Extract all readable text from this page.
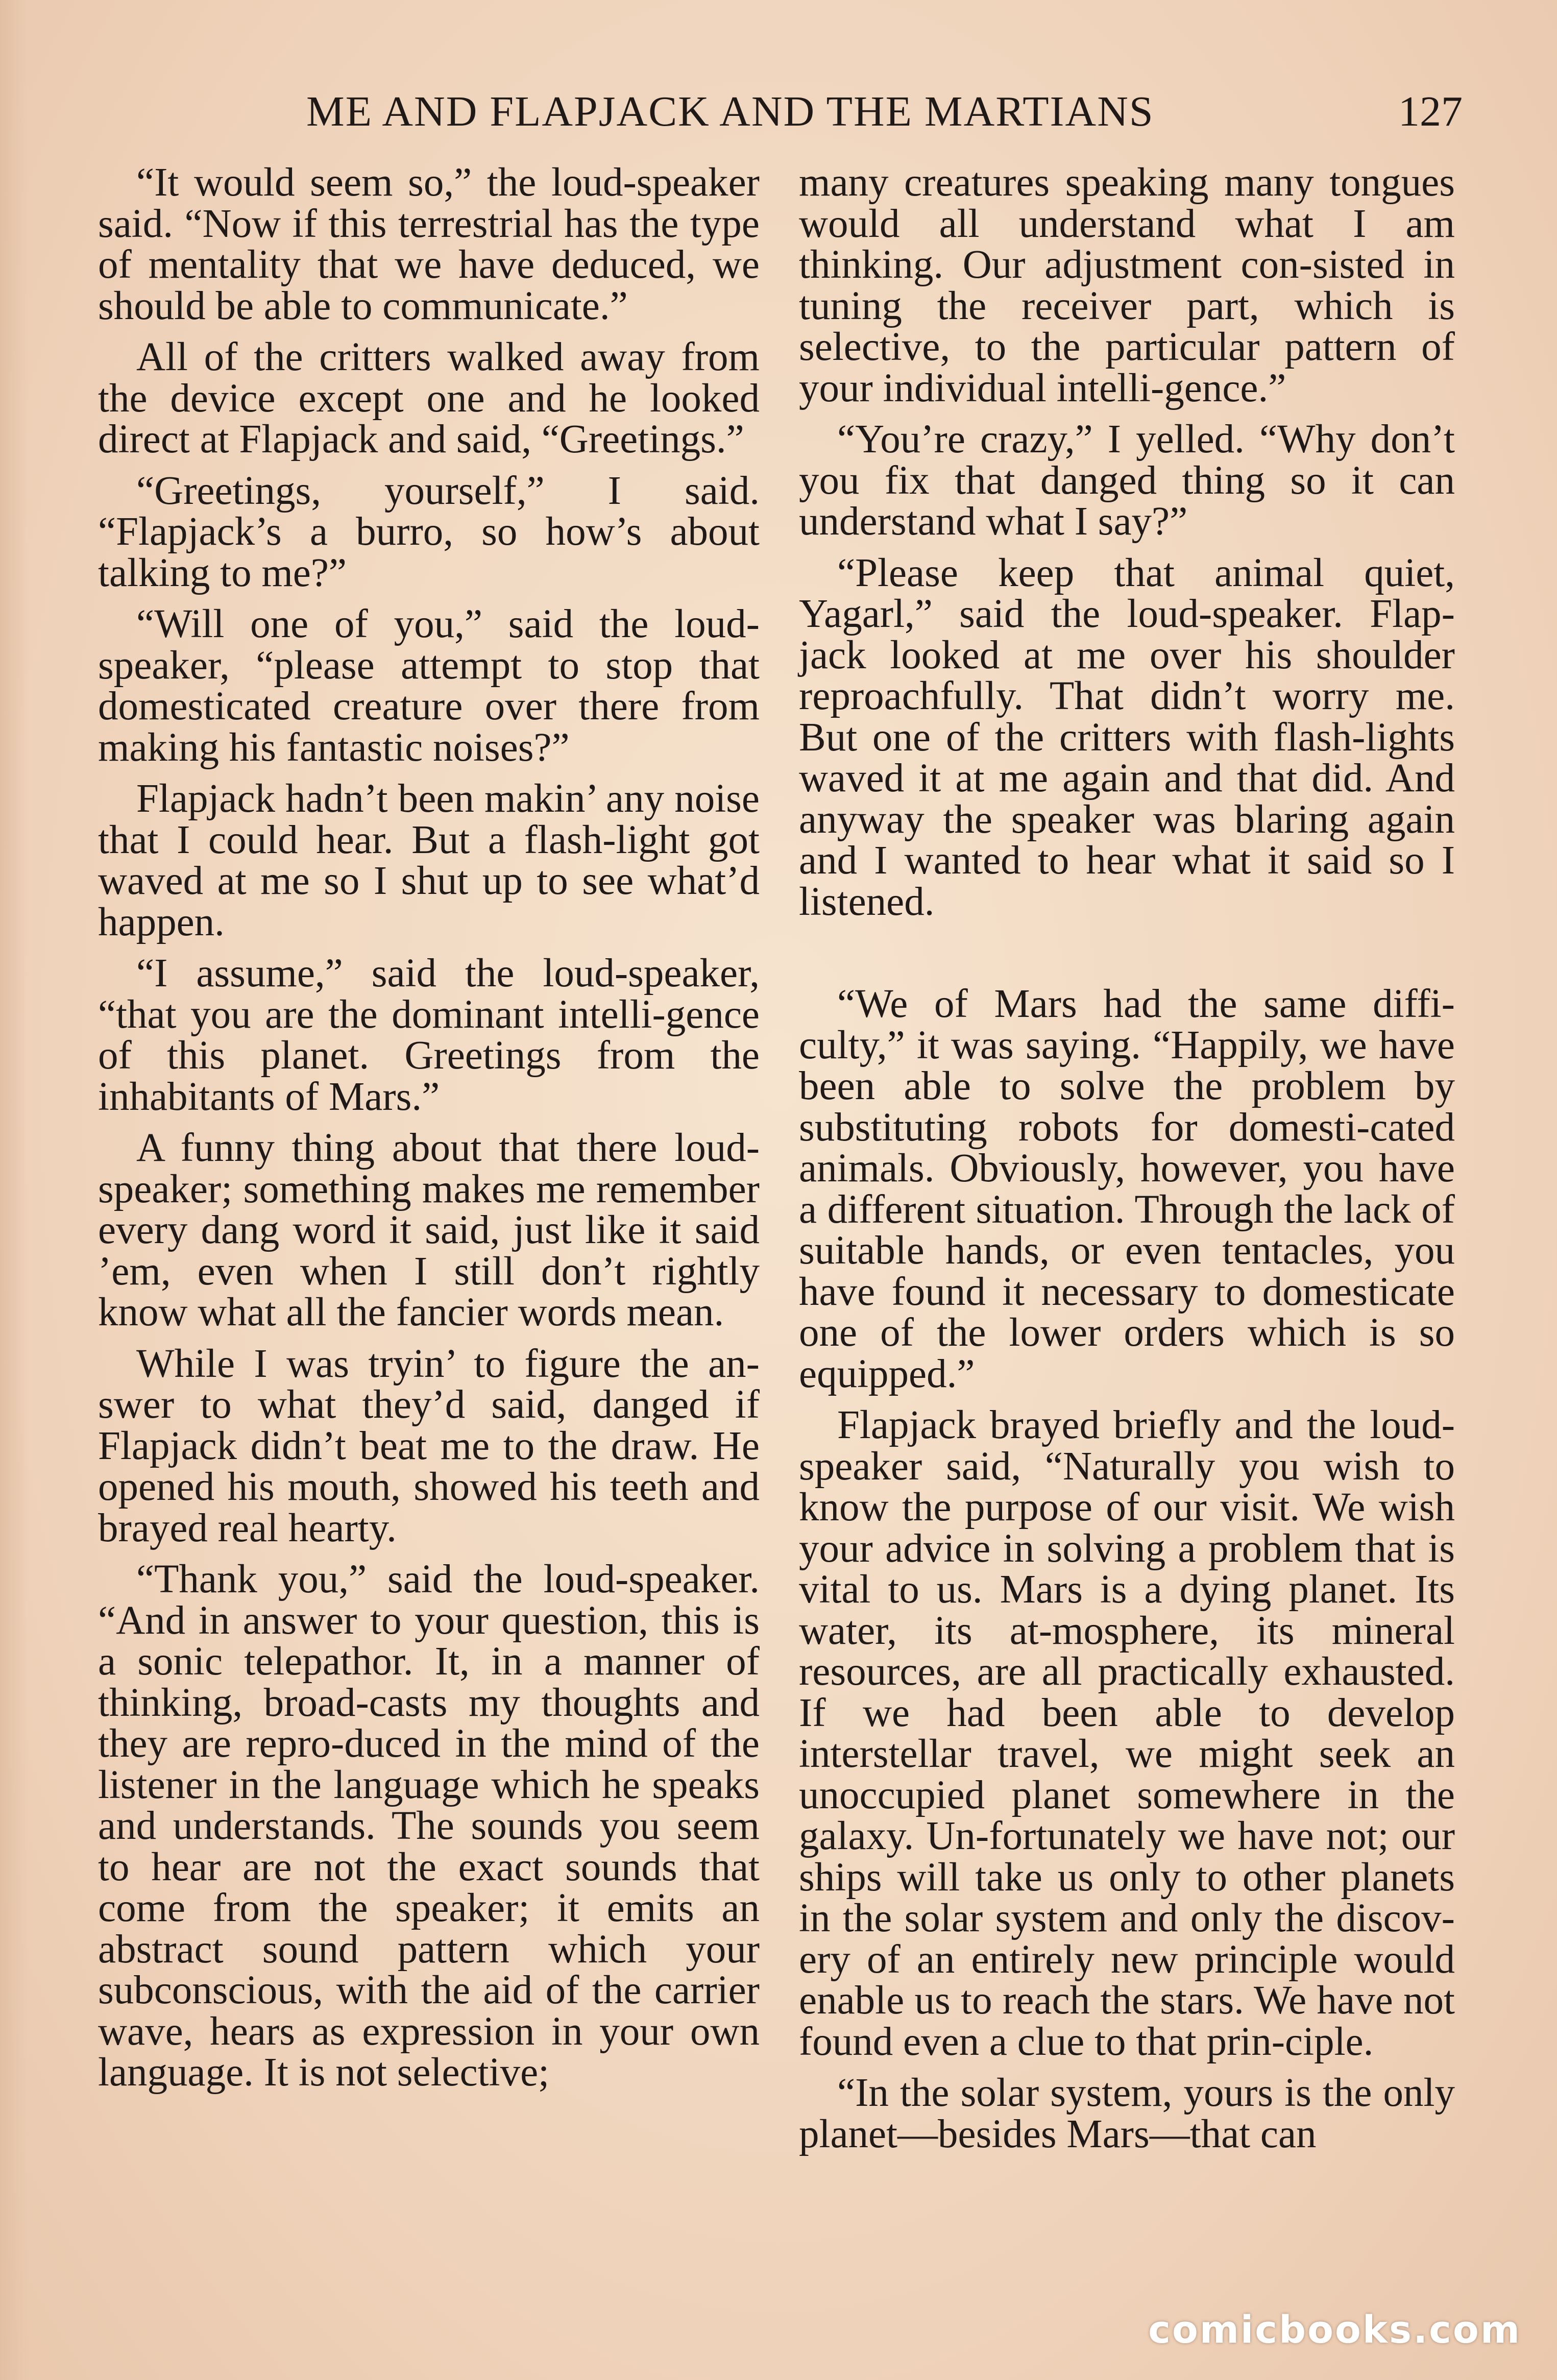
ME AND FLAPJACK AND THE MARTIANS	127

“It would seem so,” the loud-speaker said. “Now if this terrestrial has the type of mentality that we have deduced, we should be able to communicate.”

All of the critters walked away from the device except one and he looked direct at Flapjack and said, “Greetings.”

“Greetings, yourself,” I said. “Flapjack’s a burro, so how’s about talking to me?”

“Will one of you,” said the loud-speaker, “please attempt to stop that domesticated creature over there from making his fantastic noises?”

Flapjack hadn’t been makin’ any noise that I could hear. But a flash-light got waved at me so I shut up to see what’d happen.

“I assume,” said the loud-speaker, “that you are the dominant intelli-gence of this planet. Greetings from the inhabitants of Mars.”

A funny thing about that there loud-speaker; something makes me remember every dang word it said, just like it said ’em, even when I still don’t rightly know what all the fancier words mean.

While I was tryin’ to figure the an-swer to what they’d said, danged if Flapjack didn’t beat me to the draw. He opened his mouth, showed his teeth and brayed real hearty.

“Thank you,” said the loud-speaker. “And in answer to your question, this is a sonic telepathor. It, in a manner of thinking, broad-casts my thoughts and they are repro-duced in the mind of the listener in the language which he speaks and understands. The sounds you seem to hear are not the exact sounds that come from the speaker; it emits an abstract sound pattern which your subconscious, with the aid of the carrier wave, hears as expression in your own language. It is not selective;

many creatures speaking many tongues would all understand what I am thinking. Our adjustment con-sisted in tuning the receiver part, which is selective, to the particular pattern of your individual intelli-gence.”

“You’re crazy,” I yelled. “Why don’t you fix that danged thing so it can understand what I say?”

“Please keep that animal quiet, Yagarl,” said the loud-speaker. Flap-jack looked at me over his shoulder reproachfully. That didn’t worry me. But one of the critters with flash-lights waved it at me again and that did. And anyway the speaker was blaring again and I wanted to hear what it said so I listened.

“We of Mars had the same diffi-culty,” it was saying. “Happily, we have been able to solve the problem by substituting robots for domesti-cated animals. Obviously, however, you have a different situation. Through the lack of suitable hands, or even tentacles, you have found it necessary to domesticate one of the lower orders which is so equipped.”

Flapjack brayed briefly and the loud-speaker said, “Naturally you wish to know the purpose of our visit. We wish your advice in solving a problem that is vital to us. Mars is a dying planet. Its water, its at-mosphere, its mineral resources, are all practically exhausted. If we had been able to develop interstellar travel, we might seek an unoccupied planet somewhere in the galaxy. Un-fortunately we have not; our ships will take us only to other planets in the solar system and only the discov-ery of an entirely new principle would enable us to reach the stars. We have not found even a clue to that prin-ciple.

“In the solar system, yours is the only planet—besides Mars—that can

comicbooks.com
